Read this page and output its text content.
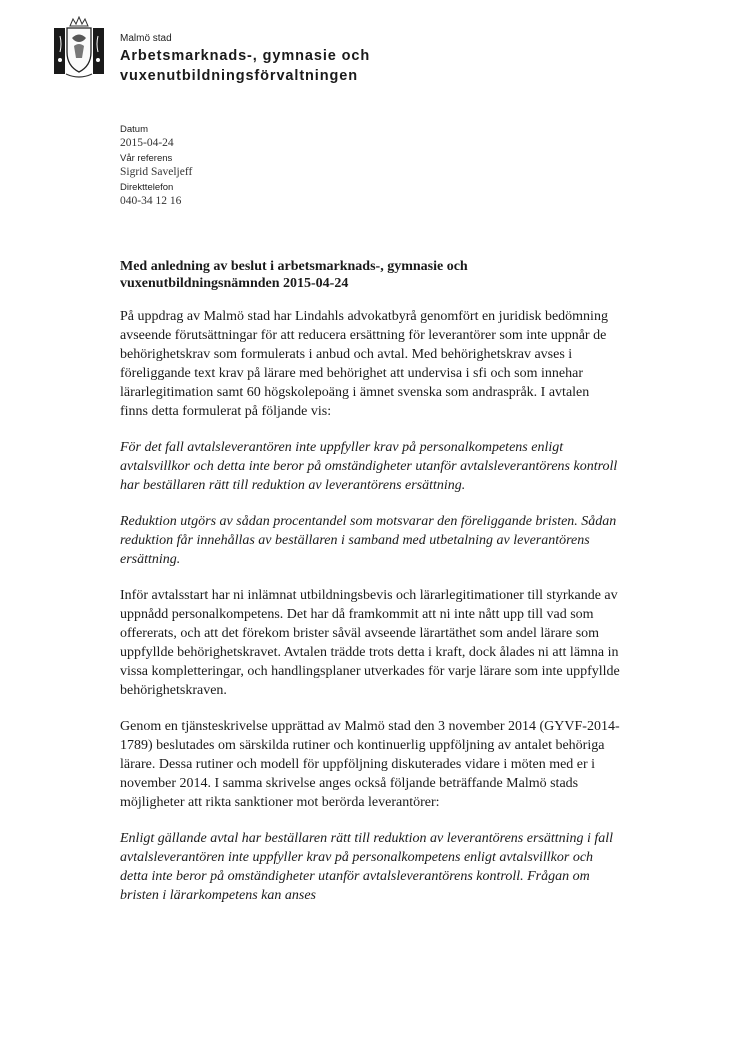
Malmö stad
Arbetsmarknads-, gymnasie och
vuxenutbildningsförvaltningen
Datum
2015-04-24
Vår referens
Sigrid Saveljeff
Direkttelefon
040-34 12 16
Med anledning av beslut i arbetsmarknads-, gymnasie och
vuxenutbildningsnämnden 2015-04-24

På uppdrag av Malmö stad har Lindahls advokatbyrå genomfört en juridisk bedömning avseende förutsättningar för att reducera ersättning för leverantörer som inte uppnår de behörighetskrav som formulerats i anbud och avtal. Med behörighetskrav avses i föreliggande text krav på lärare med behörighet att undervisa i sfi och som innehar lärarlegitimation samt 60 högskolepoäng i ämnet svenska som andraspråk. I avtalen finns detta formulerat på följande vis:

För det fall avtalsleverantören inte uppfyller krav på personalkompetens enligt avtalsvillkor och detta inte beror på omständigheter utanför avtalsleverantörens kontroll har beställaren rätt till reduktion av leverantörens ersättning.

Reduktion utgörs av sådan procentandel som motsvarar den föreliggande bristen. Sådan reduktion får innehållas av beställaren i samband med utbetalning av leverantörens ersättning.

Inför avtalsstart har ni inlämnat utbildningsbevis och lärarlegitimationer till styrkande av uppnådd personalkompetens. Det har då framkommit att ni inte nått upp till vad som offererats, och att det förekom brister såväl avseende lärartäthet som andel lärare som uppfyllde behörighetskravet. Avtalen trädde trots detta i kraft, dock ålades ni att lämna in vissa kompletteringar, och handlingsplaner utverkades för varje lärare som inte uppfyllde behörighetskraven.

Genom en tjänsteskrivelse upprättad av Malmö stad den 3 november 2014 (GYVF-2014-1789) beslutades om särskilda rutiner och kontinuerlig uppföljning av antalet behöriga lärare. Dessa rutiner och modell för uppföljning diskuterades vidare i möten med er i november 2014. I samma skrivelse anges också följande beträffande Malmö stads möjligheter att rikta sanktioner mot berörda leverantörer:

Enligt gällande avtal har beställaren rätt till reduktion av leverantörens ersättning i fall avtalsleverantören inte uppfyller krav på personalkompetens enligt avtalsvillkor och detta inte beror på omständigheter utanför avtalsleverantörens kontroll. Frågan om bristen i lärarkompetens kan anses
